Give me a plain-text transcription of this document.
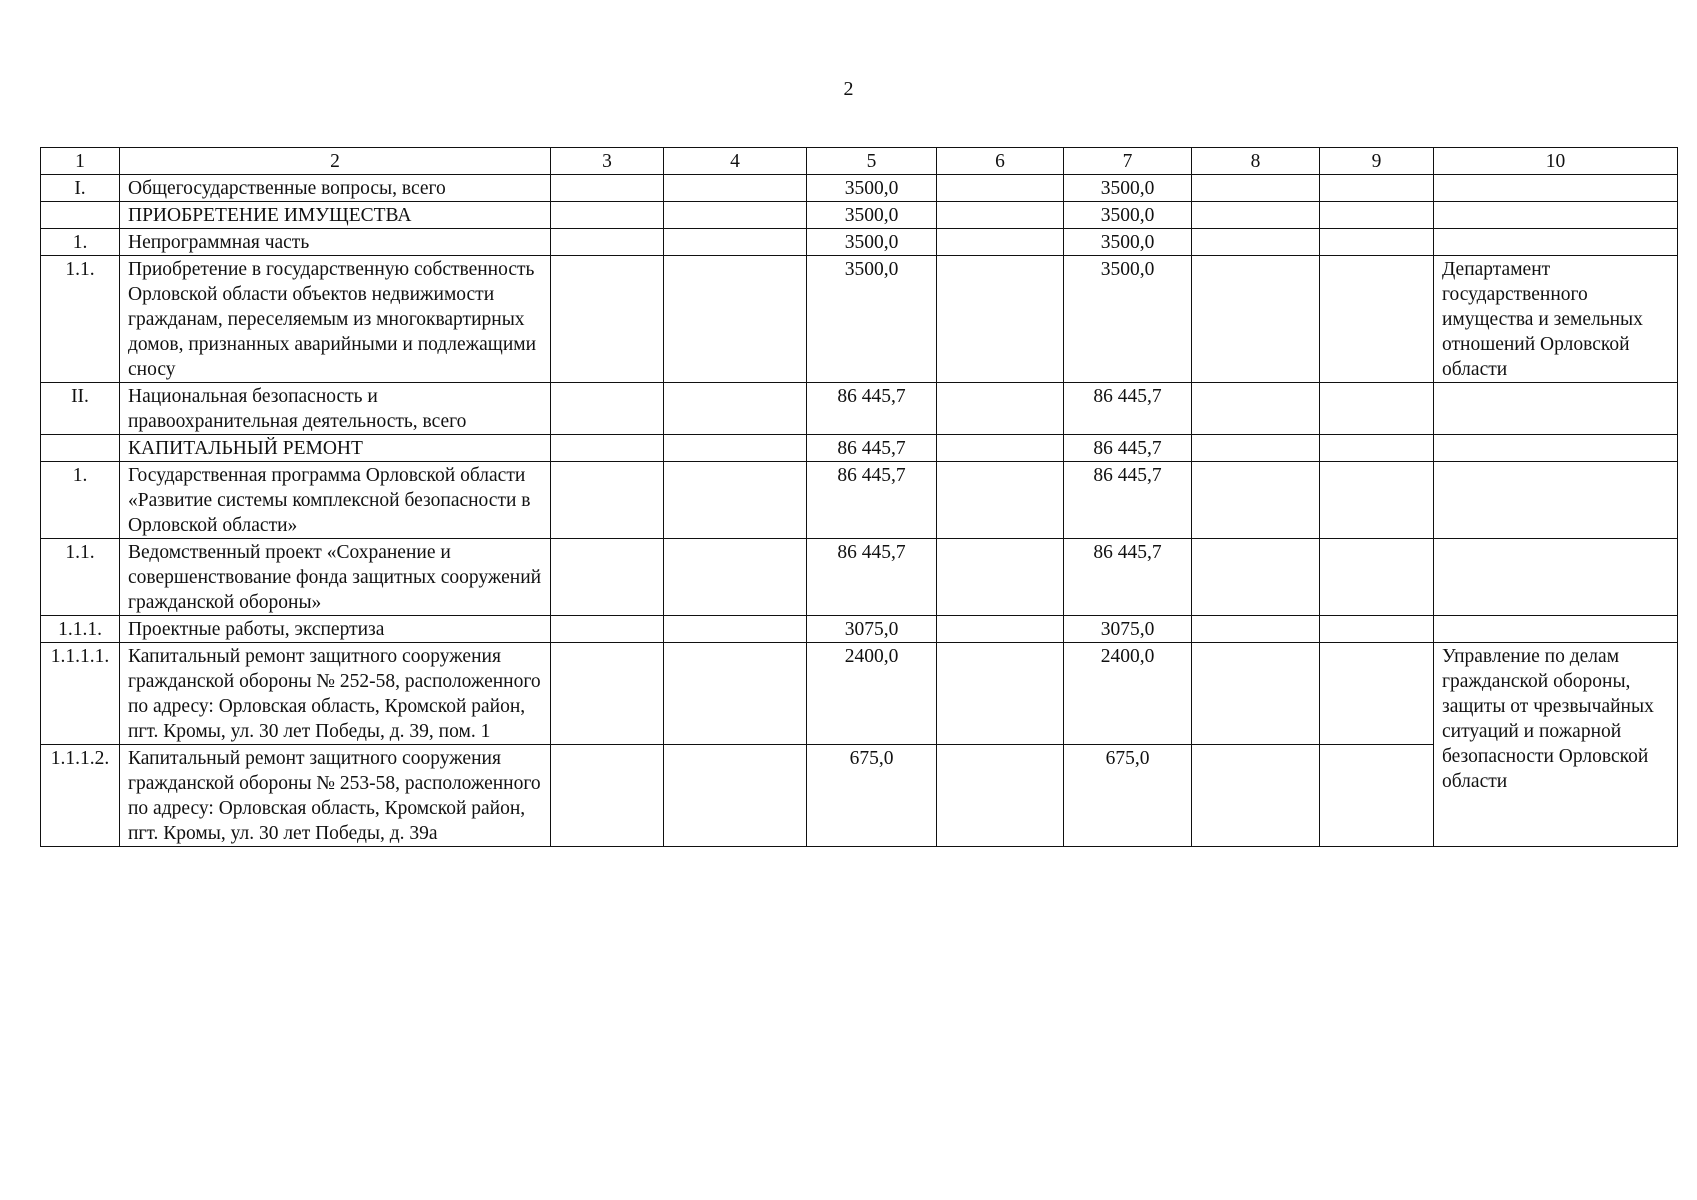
2
1	2	3	4	5	6	7	8	9	10
I.	Общегосударственные вопросы, всего			3500,0		3500,0			
	ПРИОБРЕТЕНИЕ ИМУЩЕСТВА			3500,0		3500,0			
1.	Непрограммная часть			3500,0		3500,0			
1.1.	Приобретение в государственную собственность Орловской области объектов недвижимости гражданам, переселяемым из многоквартирных домов, признанных аварийными и подлежащими сносу			3500,0		3500,0			Департамент государственного имущества и земельных отношений Орловской области
II.	Национальная безопасность и правоохранительная деятельность, всего			86 445,7		86 445,7			
	КАПИТАЛЬНЫЙ РЕМОНТ			86 445,7		86 445,7			
1.	Государственная программа Орловской области «Развитие системы комплексной безопасности в Орловской области»			86 445,7		86 445,7			
1.1.	Ведомственный проект «Сохранение и совершенствование фонда защитных сооружений гражданской обороны»			86 445,7		86 445,7			
1.1.1.	Проектные работы, экспертиза			3075,0		3075,0			
1.1.1.1.	Капитальный ремонт защитного сооружения гражданской обороны № 252-58, расположенного по адресу: Орловская область, Кромской район, пгт. Кромы, ул. 30 лет Победы, д. 39, пом. 1			2400,0		2400,0			Управление по делам гражданской обороны, защиты от чрезвычайных ситуаций и пожарной безопасности Орловской области
1.1.1.2.	Капитальный ремонт защитного сооружения гражданской обороны № 253-58, расположенного по адресу: Орловская область, Кромской район, пгт. Кромы, ул. 30 лет Победы, д. 39а			675,0		675,0			
